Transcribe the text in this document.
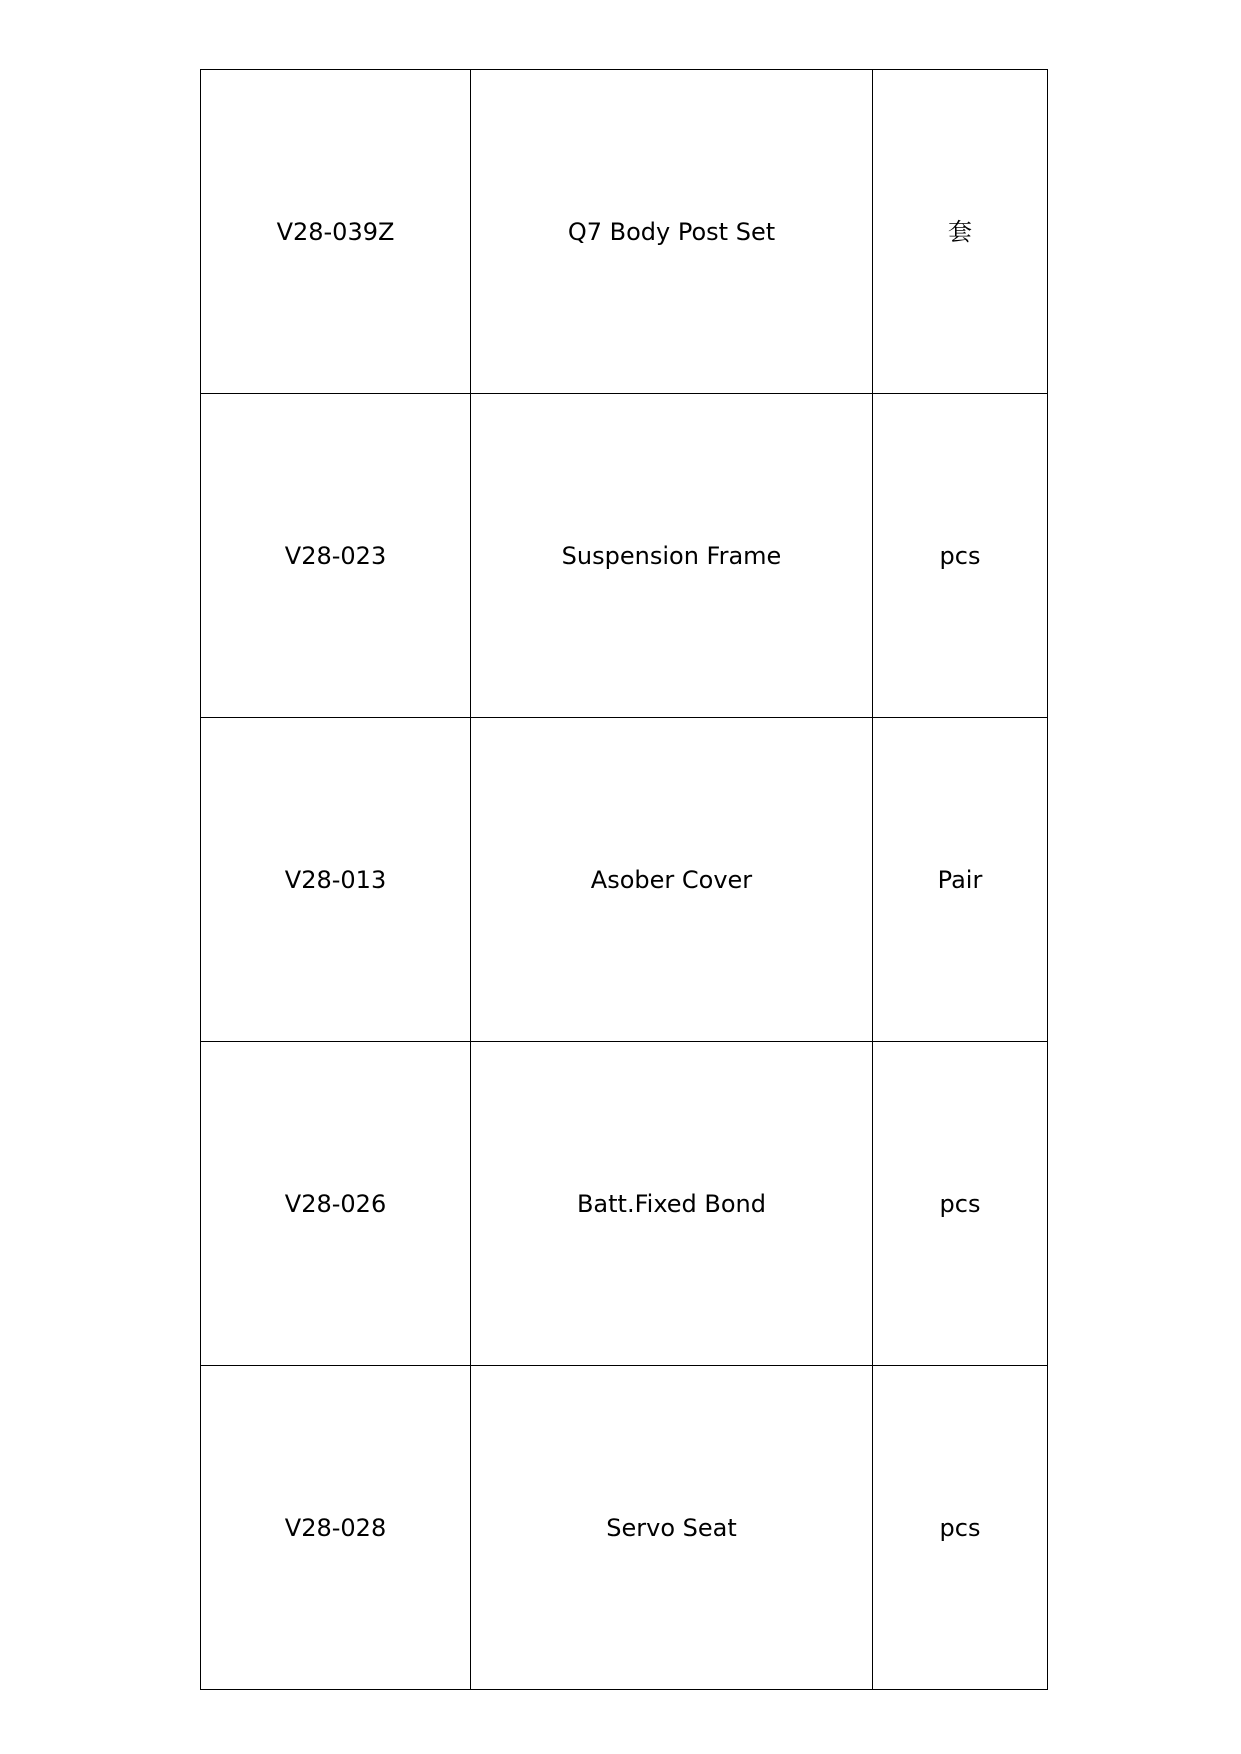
V28-039Z	Q7 Body Post Set	套
V28-023	Suspension Frame	pcs
V28-013	Asober Cover	Pair
V28-026	Batt.Fixed Bond	pcs
V28-028	Servo Seat	pcs
